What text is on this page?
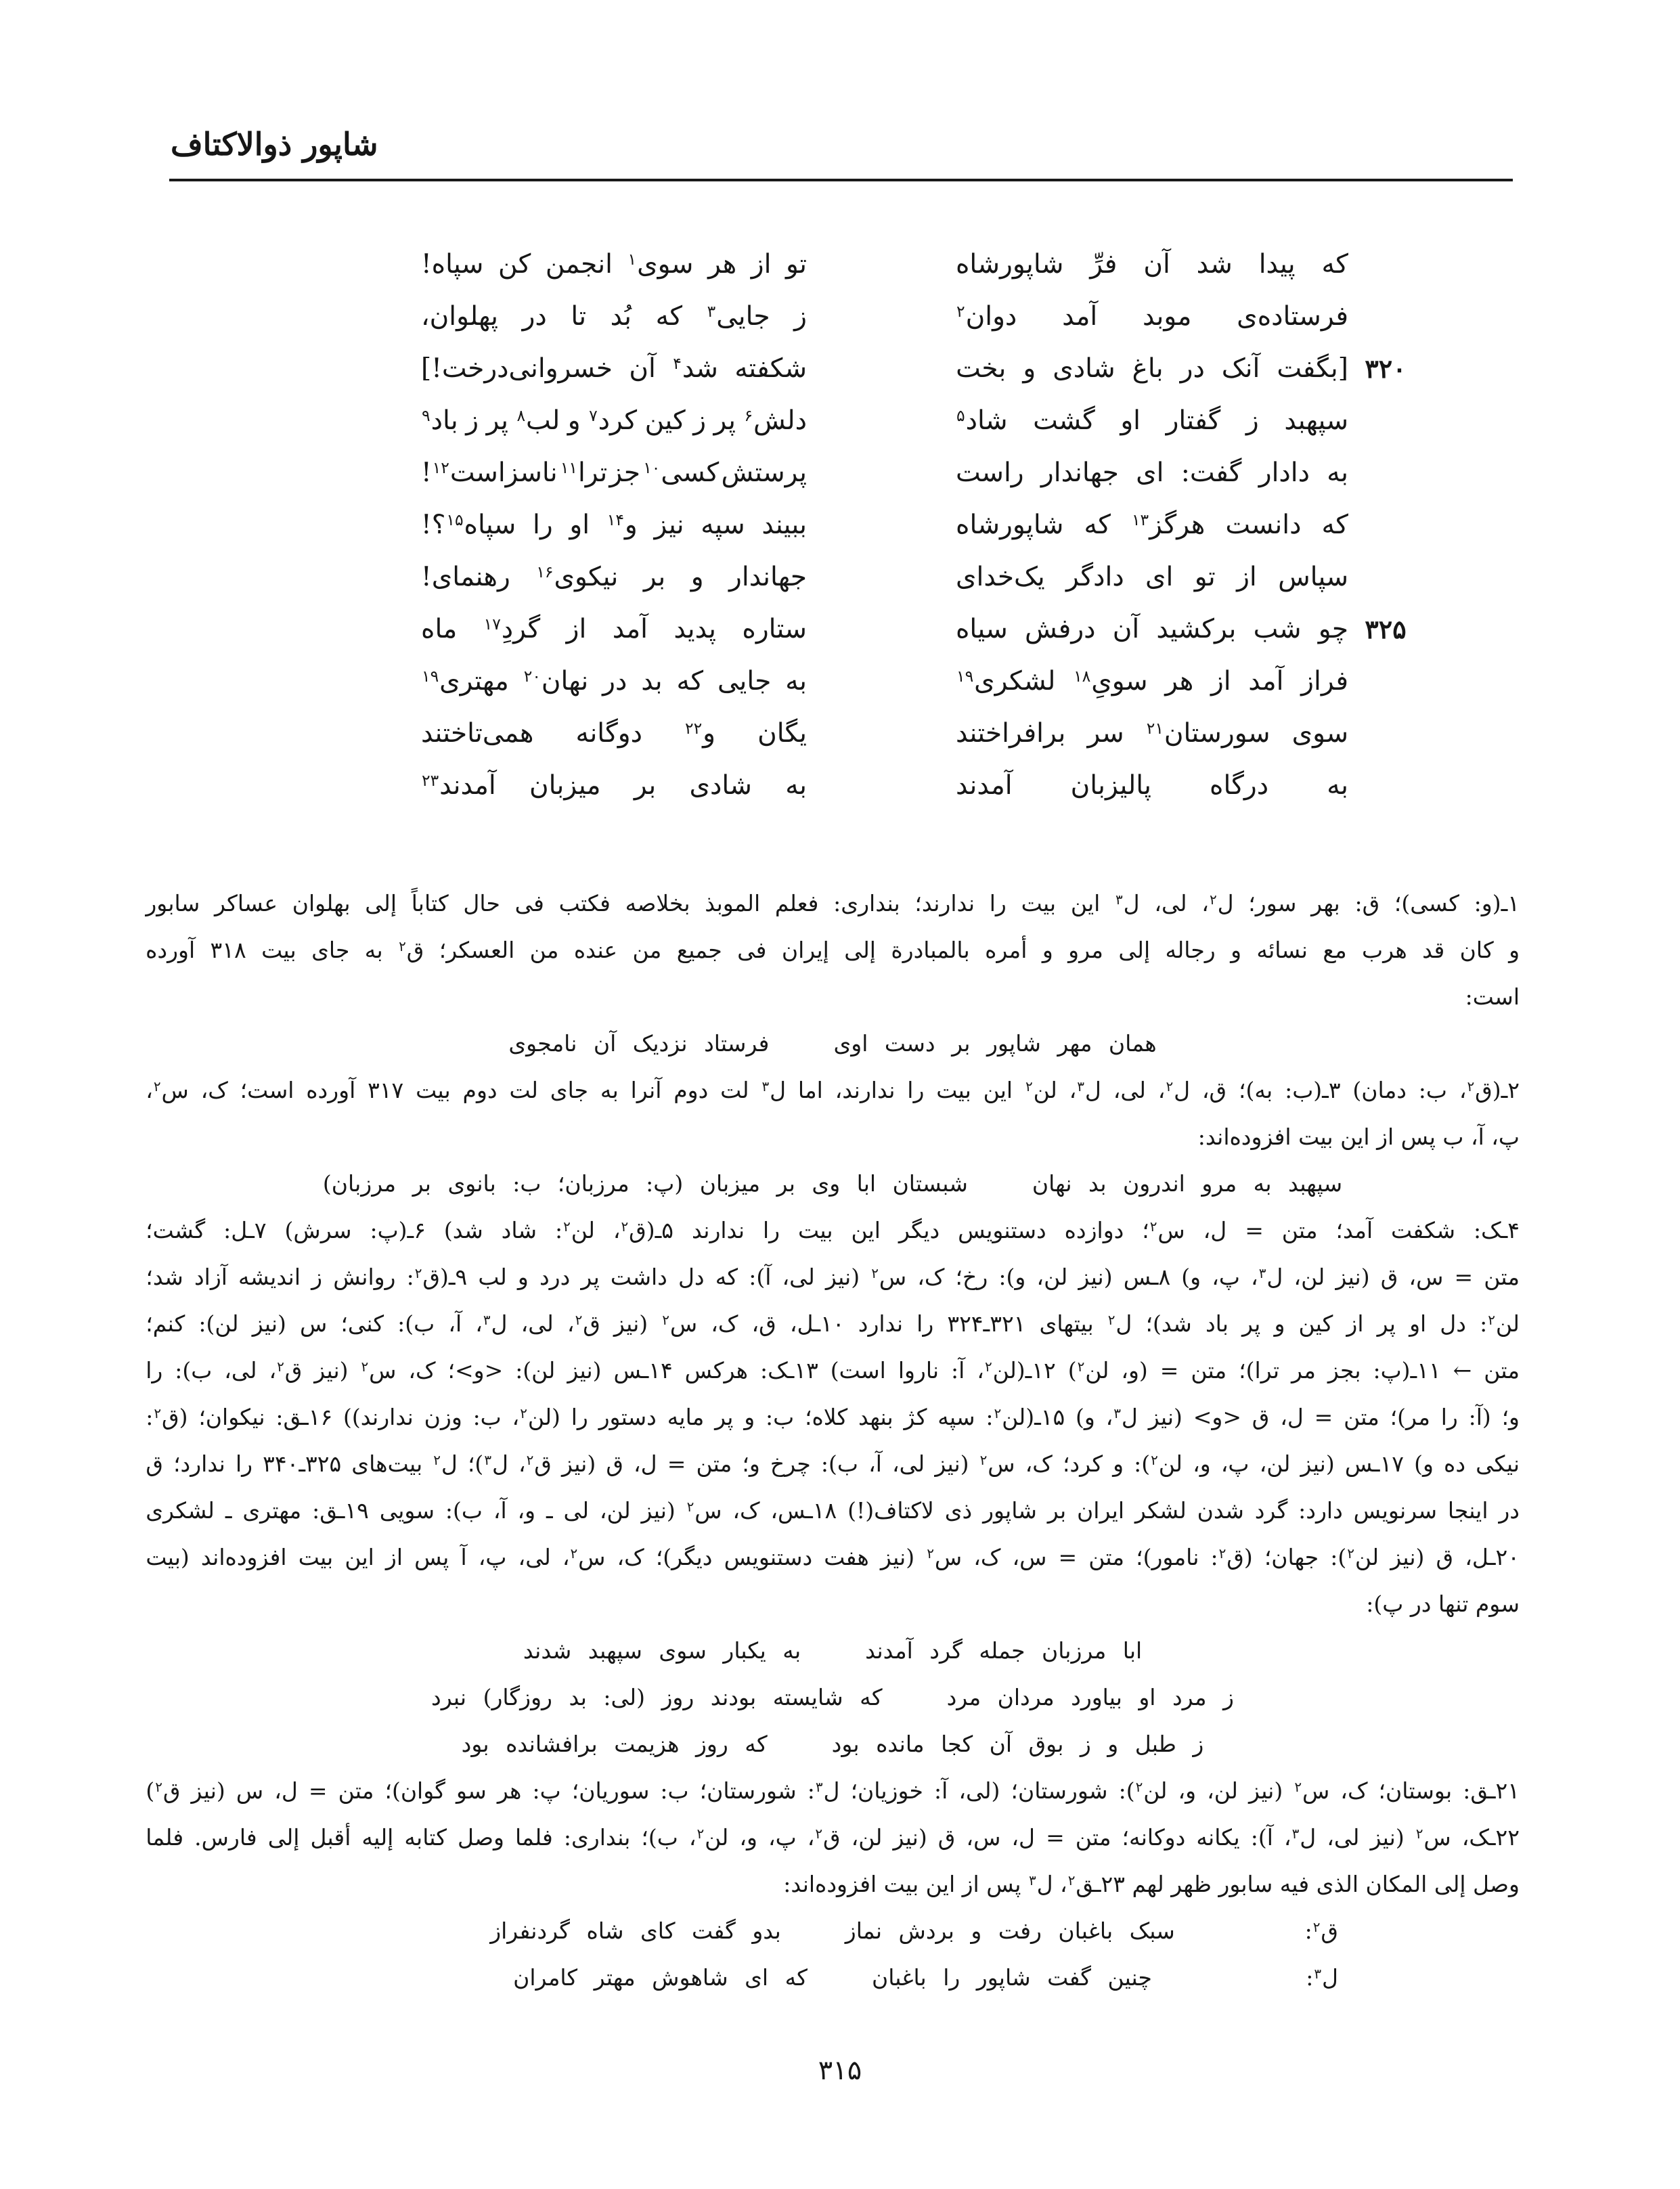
شاپور ذوالاکتاف
که
پیدا
شد
آن
فرِّ
شاپورشاه
تو
از
هر
سوی$^۱$
انجمن
کن
سپاه!
فرستاده‌ی
موبد
آمد
دوان$^۲$
ز
جایی$^۳$
که
بُد
تا
در
پهلوان،
۳۲۰
[بگفت
آنک
در
باغ
شادی
و
بخت
شکفته
شد$^۴$
آن
خسروانی‌درخت!]
سپهبد
ز
گفتار
او
گشت
شاد$^۵$
دلش$^۶$
پر
ز
کین
کرد$^۷$
و
لب$^۸$
پر
ز
باد$^۹$
به
دادار
گفت:
ای
جهاندار
راست
پرستش
کسی$^{۱۰}$
جز
ترا$^{۱۱}$
ناسزاست$^{۱۲}$!
که
دانست
هرگز$^{۱۳}$
که
شاپورشاه
ببیند
سپه
نیز
و$^{۱۴}$
او
را
سپاه$^{۱۵}$؟!
سپاس
از
تو
ای
دادگر
یک‌خدای
جهاندار
و
بر
نیکوی$^{۱۶}$
رهنمای!
۳۲۵
چو
شب
برکشید
آن
درفش
سیاه
ستاره
پدید
آمد
از
گردِ$^{۱۷}$
ماه
فراز
آمد
از
هر
سویِ$^{۱۸}$
لشکری$^{۱۹}$
به
جایی
که
بد
در
نهان$^{۲۰}$
مهتری$^{۱۹}$
سوی
سورستان$^{۲۱}$
سر
برافراختند
یگان
و$^{۲۲}$
دوگانه
همی‌تاختند
به
درگاه
پالیزبان
آمدند
به
شادی
بر
میزبان
آمدند$^{۲۳}$
۱ـ(و:
کسی)؛
ق:
بهر
سور؛
ل$^۲$،
لی،
ل$^۳$
این
بیت
را
ندارند؛
بنداری:
فعلم
الموبذ
بخلاصه
فکتب
فی
حال
کتاباً
إلی
بهلوان
عساکر
سابور
و
کان
قد
هرب
مع
نسائه
و
رجاله
إلی
مرو
و
أمره
بالمبادرة
إلی
إیران
فی
جمیع
من
عنده
من
العسکر؛
ق$^۲$
به
جای
بیت
۳۱۸
آورده
است:
همان مهر شاپور بر دست اوی
فرستاد نزدیک آن نامجوی
۲ـ(ق$^۲$،
ب:
دمان)
۳ـ(ب:
به)؛
ق،
ل$^۲$،
لی،
ل$^۳$،
لن$^۲$
این
بیت
را
ندارند،
اما
ل$^۳$
لت
دوم
آنرا
به
جای
لت
دوم
بیت
۳۱۷
آورده
است؛
ک،
س$^۲$،
پ، آ، ب پس از این بیت افزوده‌اند:
سپهبد به مرو اندرون بد نهان
شبستان ابا وی بر میزبان (پ: مرزبان؛ ب: بانوی بر مرزبان)
۴ـک:
شکفت
آمد؛
متن
=
ل،
س$^۲$؛
دوازده
دستنویس
دیگر
این
بیت
را
ندارند
۵ـ(ق$^۲$،
لن$^۲$:
شاد
شد)
۶ـ(پ:
سرش)
۷ـل:
گشت؛
متن
=
س،
ق
(نیز
لن،
ل$^۳$،
پ،
و)
۸ـس
(نیز
لن،
و):
رخ؛
ک،
س$^۲$
(نیز
لی،
آ):
که
دل
داشت
پر
درد
و
لب
۹ـ(ق$^۲$:
روانش
ز
اندیشه
آزاد
شد؛
لن$^۲$:
دل
او
پر
از
کین
و
پر
باد
شد)؛
ل$^۲$
بیتهای
۳۲۱ـ۳۲۴
را
ندارد
۱۰ـل،
ق،
ک،
س$^۲$
(نیز
ق$^۲$،
لی،
ل$^۳$،
آ،
ب):
کنی؛
س
(نیز
لن):
کنم؛
متن
←
۱۱ـ(پ:
بجز
مر
ترا)؛
متن
=
(و،
لن$^۲$)
۱۲ـ(لن$^۲$،
آ:
ناروا
است)
۱۳ـک:
هرکس
۱۴ـس
(نیز
لن):
<و>؛
ک،
س$^۲$
(نیز
ق$^۲$،
لی،
ب):
را
و؛
(آ:
را
مر)؛
متن
=
ل،
ق
<و>
(نیز
ل$^۳$،
و)
۱۵ـ(لن$^۲$:
سپه
کژ
بنهد
کلاه؛
ب:
و
پر
مایه
دستور
را
(لن$^۲$،
ب:
وزن
ندارند))
۱۶ـق:
نیکوان؛
(ق$^۲$:
نیکی
ده
و)
۱۷ـس
(نیز
لن،
پ،
و،
لن$^۲$):
و
کرد؛
ک،
س$^۲$
(نیز
لی،
آ،
ب):
چرخ
و؛
متن
=
ل،
ق
(نیز
ق$^۲$،
ل$^۳$)؛
ل$^۲$
بیت‌های
۳۲۵ـ۳۴۰
را
ندارد؛
ق
در
اینجا
سرنویس
دارد:
گرد
شدن
لشکر
ایران
بر
شاپور
ذی
لاکتاف(!)
۱۸ـس،
ک،
س$^۲$
(نیز
لن،
لی
ـ
و،
آ،
ب):
سویی
۱۹ـق:
مهتری
ـ
لشکری
۲۰ـل،
ق
(نیز
لن$^۲$):
جهان؛
(ق$^۲$:
نامور)؛
متن
=
س،
ک،
س$^۲$
(نیز
هفت
دستنویس
دیگر)؛
ک،
س$^۲$،
لی،
پ،
آ
پس
از
این
بیت
افزوده‌اند
(بیت
سوم تنها در پ):
ابا مرزبان جمله گرد آمدند
به یکبار سوی سپهبد شدند
ز مرد او بیاورد مردان مرد
که شایسته بودند روز (لی: بد روزگار) نبرد
ز طبل و ز بوق آن کجا مانده بود
که روز هزیمت برافشانده بود
۲۱ـق:
بوستان؛
ک،
س$^۲$
(نیز
لن،
و،
لن$^۲$):
شورستان؛
(لی،
آ:
خوزیان؛
ل$^۳$:
شورستان؛
ب:
سوریان؛
پ:
هر
سو
گوان)؛
متن
=
ل،
س
(نیز
ق$^۲$)
۲۲ـک،
س$^۲$
(نیز
لی،
ل$^۳$،
آ):
یکانه
دوکانه؛
متن
=
ل،
س،
ق
(نیز
لن،
ق$^۲$،
پ،
و،
لن$^۲$،
ب)؛
بنداری:
فلما
وصل
کتابه
إلیه
أقبل
إلی
فارس.
فلما
وصل إلی المکان الذی فیه سابور ظهر لهم ۲۳ـق$^۲$، ل$^۳$ پس از این بیت افزوده‌اند:
ق$^۲$:
سبک باغبان رفت و بردش نماز
بدو گفت کای شاه گردنفراز
ل$^۳$:
چنین گفت شاپور را باغبان
که ای شاهوش مهتر کامران
۳۱۵
